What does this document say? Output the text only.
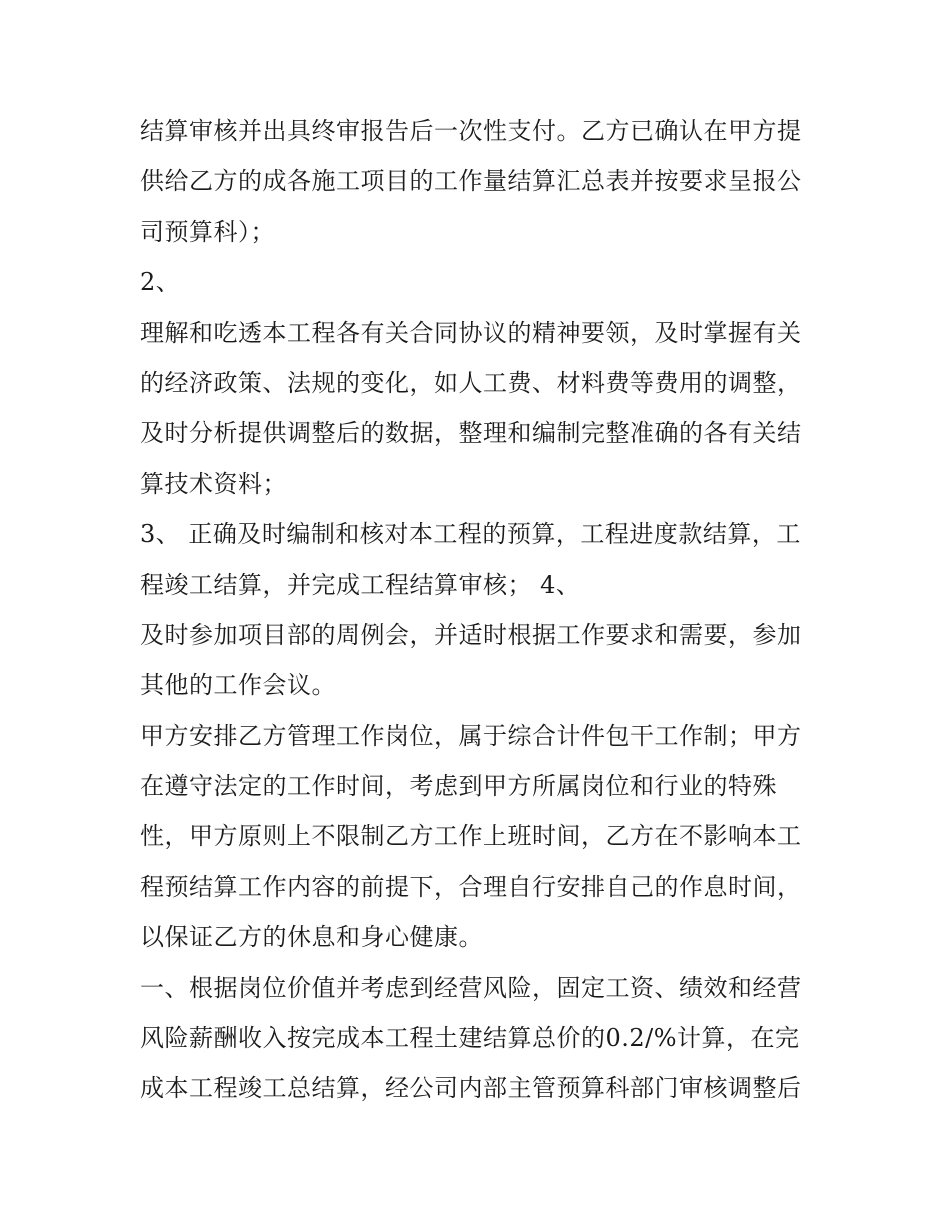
结算审核并出具终审报告后一次性支付。乙方已确认在甲方提
供给乙方的成各施工项目的工作量结算汇总表并按要求呈报公
司预算科）；
2、
理解和吃透本工程各有关合同协议的精神要领，及时掌握有关
的经济政策、法规的变化，如人工费、材料费等费用的调整，
及时分析提供调整后的数据，整理和编制完整准确的各有关结
算技术资料；
3、 正确及时编制和核对本工程的预算，工程进度款结算，工
程竣工结算，并完成工程结算审核； 4、
及时参加项目部的周例会，并适时根据工作要求和需要，参加
其他的工作会议。
甲方安排乙方管理工作岗位，属于综合计件包干工作制；甲方
在遵守法定的工作时间，考虑到甲方所属岗位和行业的特殊
性，甲方原则上不限制乙方工作上班时间，乙方在不影响本工
程预结算工作内容的前提下，合理自行安排自己的作息时间，
以保证乙方的休息和身心健康。
一、根据岗位价值并考虑到经营风险，固定工资、绩效和经营
风险薪酬收入按完成本工程土建结算总价的0.2/%计算，在完
成本工程竣工总结算，经公司内部主管预算科部门审核调整后
